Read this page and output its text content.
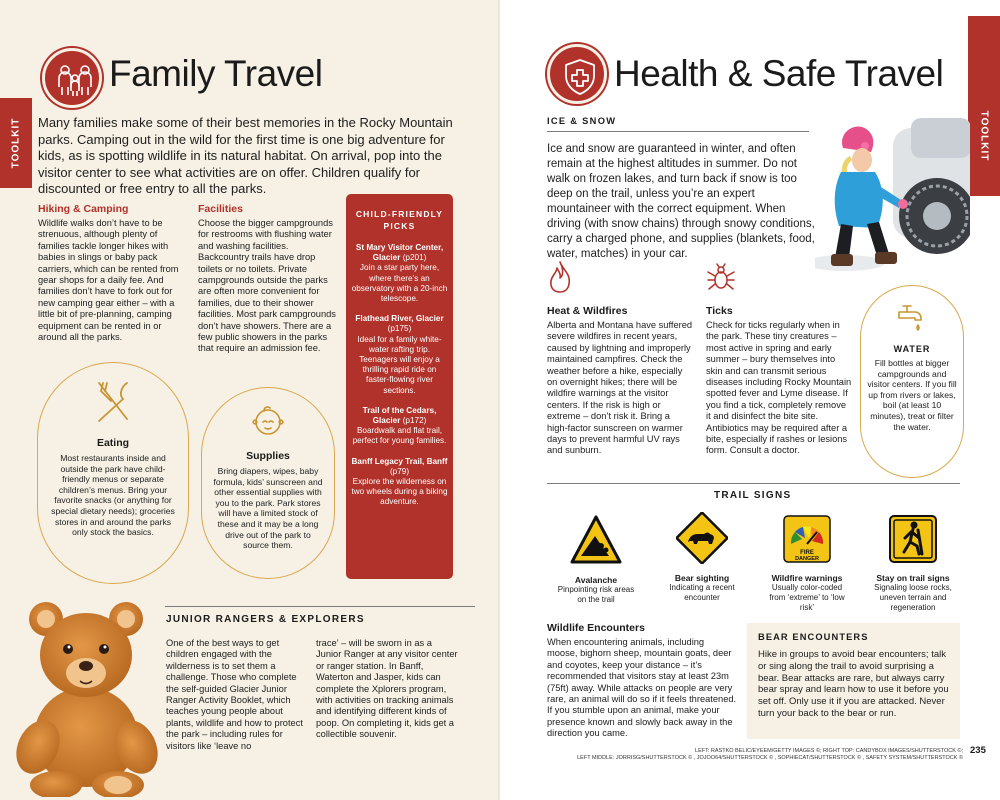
TOOLKIT
Family Travel
Many families make some of their best memories in the Rocky Mountain parks. Camping out in the wild for the first time is one big adventure for kids, as is spotting wildlife in its natural habitat. On arrival, pop into the visitor center to see what activities are on offer. Children qualify for discounted or free entry to all the parks.
Hiking & Camping
Wildlife walks don’t have to be strenuous, although plenty of families tackle longer hikes with babies in slings or baby pack carriers, which can be rented from gear shops for a daily fee. And families don’t have to fork out for new camping gear either – with a little bit of pre-planning, camping equipment can be rented in or around all the parks.
Facilities
Choose the bigger campgrounds for restrooms with flushing water and washing facilities. Backcountry trails have drop toilets or no toilets. Private campgrounds outside the parks are often more convenient for families, due to their shower facilities. Most park campgrounds don’t have showers. There are a few public showers in the parks that require an admission fee.
CHILD-FRIENDLY PICKS
St Mary Visitor Center, Glacier (p201)
Join a star party here, where there’s an observatory with a 20-inch telescope.
Flathead River, Glacier (p175)
Ideal for a family white-water rafting trip. Teenagers will enjoy a thrilling rapid ride on faster-flowing river sections.
Trail of the Cedars, Glacier (p172)
Boardwalk and flat trail, perfect for young families.
Banff Legacy Trail, Banff (p79)
Explore the wilderness on two wheels during a biking adventure.
Eating
Most restaurants inside and outside the park have child-friendly menus or separate children’s menus. Bring your favorite snacks (or anything for special dietary needs); groceries stores in and around the parks only stock the basics.
Supplies
Bring diapers, wipes, baby formula, kids’ sunscreen and other essential supplies with you to the park. Park stores will have a limited stock of these and it may be a long drive out of the park to source them.
JUNIOR RANGERS & EXPLORERS
One of the best ways to get children engaged with the wilderness is to set them a challenge. Those who complete the self-guided Glacier Junior Ranger Activity Booklet, which teaches young people about plants, wildlife and how to protect the park – including rules for visitors like ‘leave no
trace’ – will be sworn in as a Junior Ranger at any visitor center or ranger station. In Banff, Waterton and Jasper, kids can complete the Xplorers program, with activities on tracking animals and identifying different kinds of poop. On completing it, kids get a collectible souvenir.
TOOLKIT
Health & Safe Travel
ICE & SNOW
Ice and snow are guaranteed in winter, and often remain at the highest altitudes in summer. Do not walk on frozen lakes, and turn back if snow is too deep on the trail, unless you’re an expert mountaineer with the correct equipment. When driving (with snow chains) through snowy conditions, carry a charged phone, and supplies (blankets, food, water, matches) in your car.
Heat & Wildfires
Alberta and Montana have suffered severe wildfires in recent years, caused by lightning and improperly maintained campfires. Check the weather before a hike, especially on overnight hikes; there will be wildfire warnings at the visitor centers. If the risk is high or extreme – don’t risk it. Bring a high-factor sunscreen on warmer days to prevent harmful UV rays and sunburn.
Ticks
Check for ticks regularly when in the park. These tiny creatures – most active in spring and early summer – bury themselves into skin and can transmit serious diseases including Rocky Mountain spotted fever and Lyme disease. If you find a tick, completely remove it and disinfect the bite site. Antibiotics may be required after a bite, especially if rashes or lesions form. Consult a doctor.
WATER
Fill bottles at bigger campgrounds and visitor centers. If you fill up from rivers or lakes, boil (at least 10 minutes), treat or filter the water.
TRAIL SIGNS
Avalanche
Pinpointing risk areas on the trail
Bear sighting
Indicating a recent encounter
FIRE
DANGER
Wildfire warnings
Usually color-coded from ‘extreme’ to ‘low risk’
Stay on trail signs
Signaling loose rocks, uneven terrain and regeneration
Wildlife Encounters
When encountering animals, including moose, bighorn sheep, mountain goats, deer and coyotes, keep your distance – it’s recommended that visitors stay at least 23m (75ft) away. While attacks on people are very rare, an animal will do so if it feels threatened. If you stumble upon an animal, make your presence known and slowly back away in the direction you came.
BEAR ENCOUNTERS
Hike in groups to avoid bear encounters; talk or sing along the trail to avoid surprising a bear. Bear attacks are rare, but always carry bear spray and learn how to use it before you set off. Only use it if you are attacked. Never turn your back to the bear or run.
LEFT: RASTKO BELIC/EYEEM/GETTY IMAGES ©; RIGHT TOP: CANDYBOX IMAGES/SHUTTERSTOCK ©;
LEFT MIDDLE: JORRISG/SHUTTERSTOCK © , JOJOO64/SHUTTERSTOCK © , SOPHIECAT/SHUTTERSTOCK © , SAFETY SYSTEM/SHUTTERSTOCK ©
235
